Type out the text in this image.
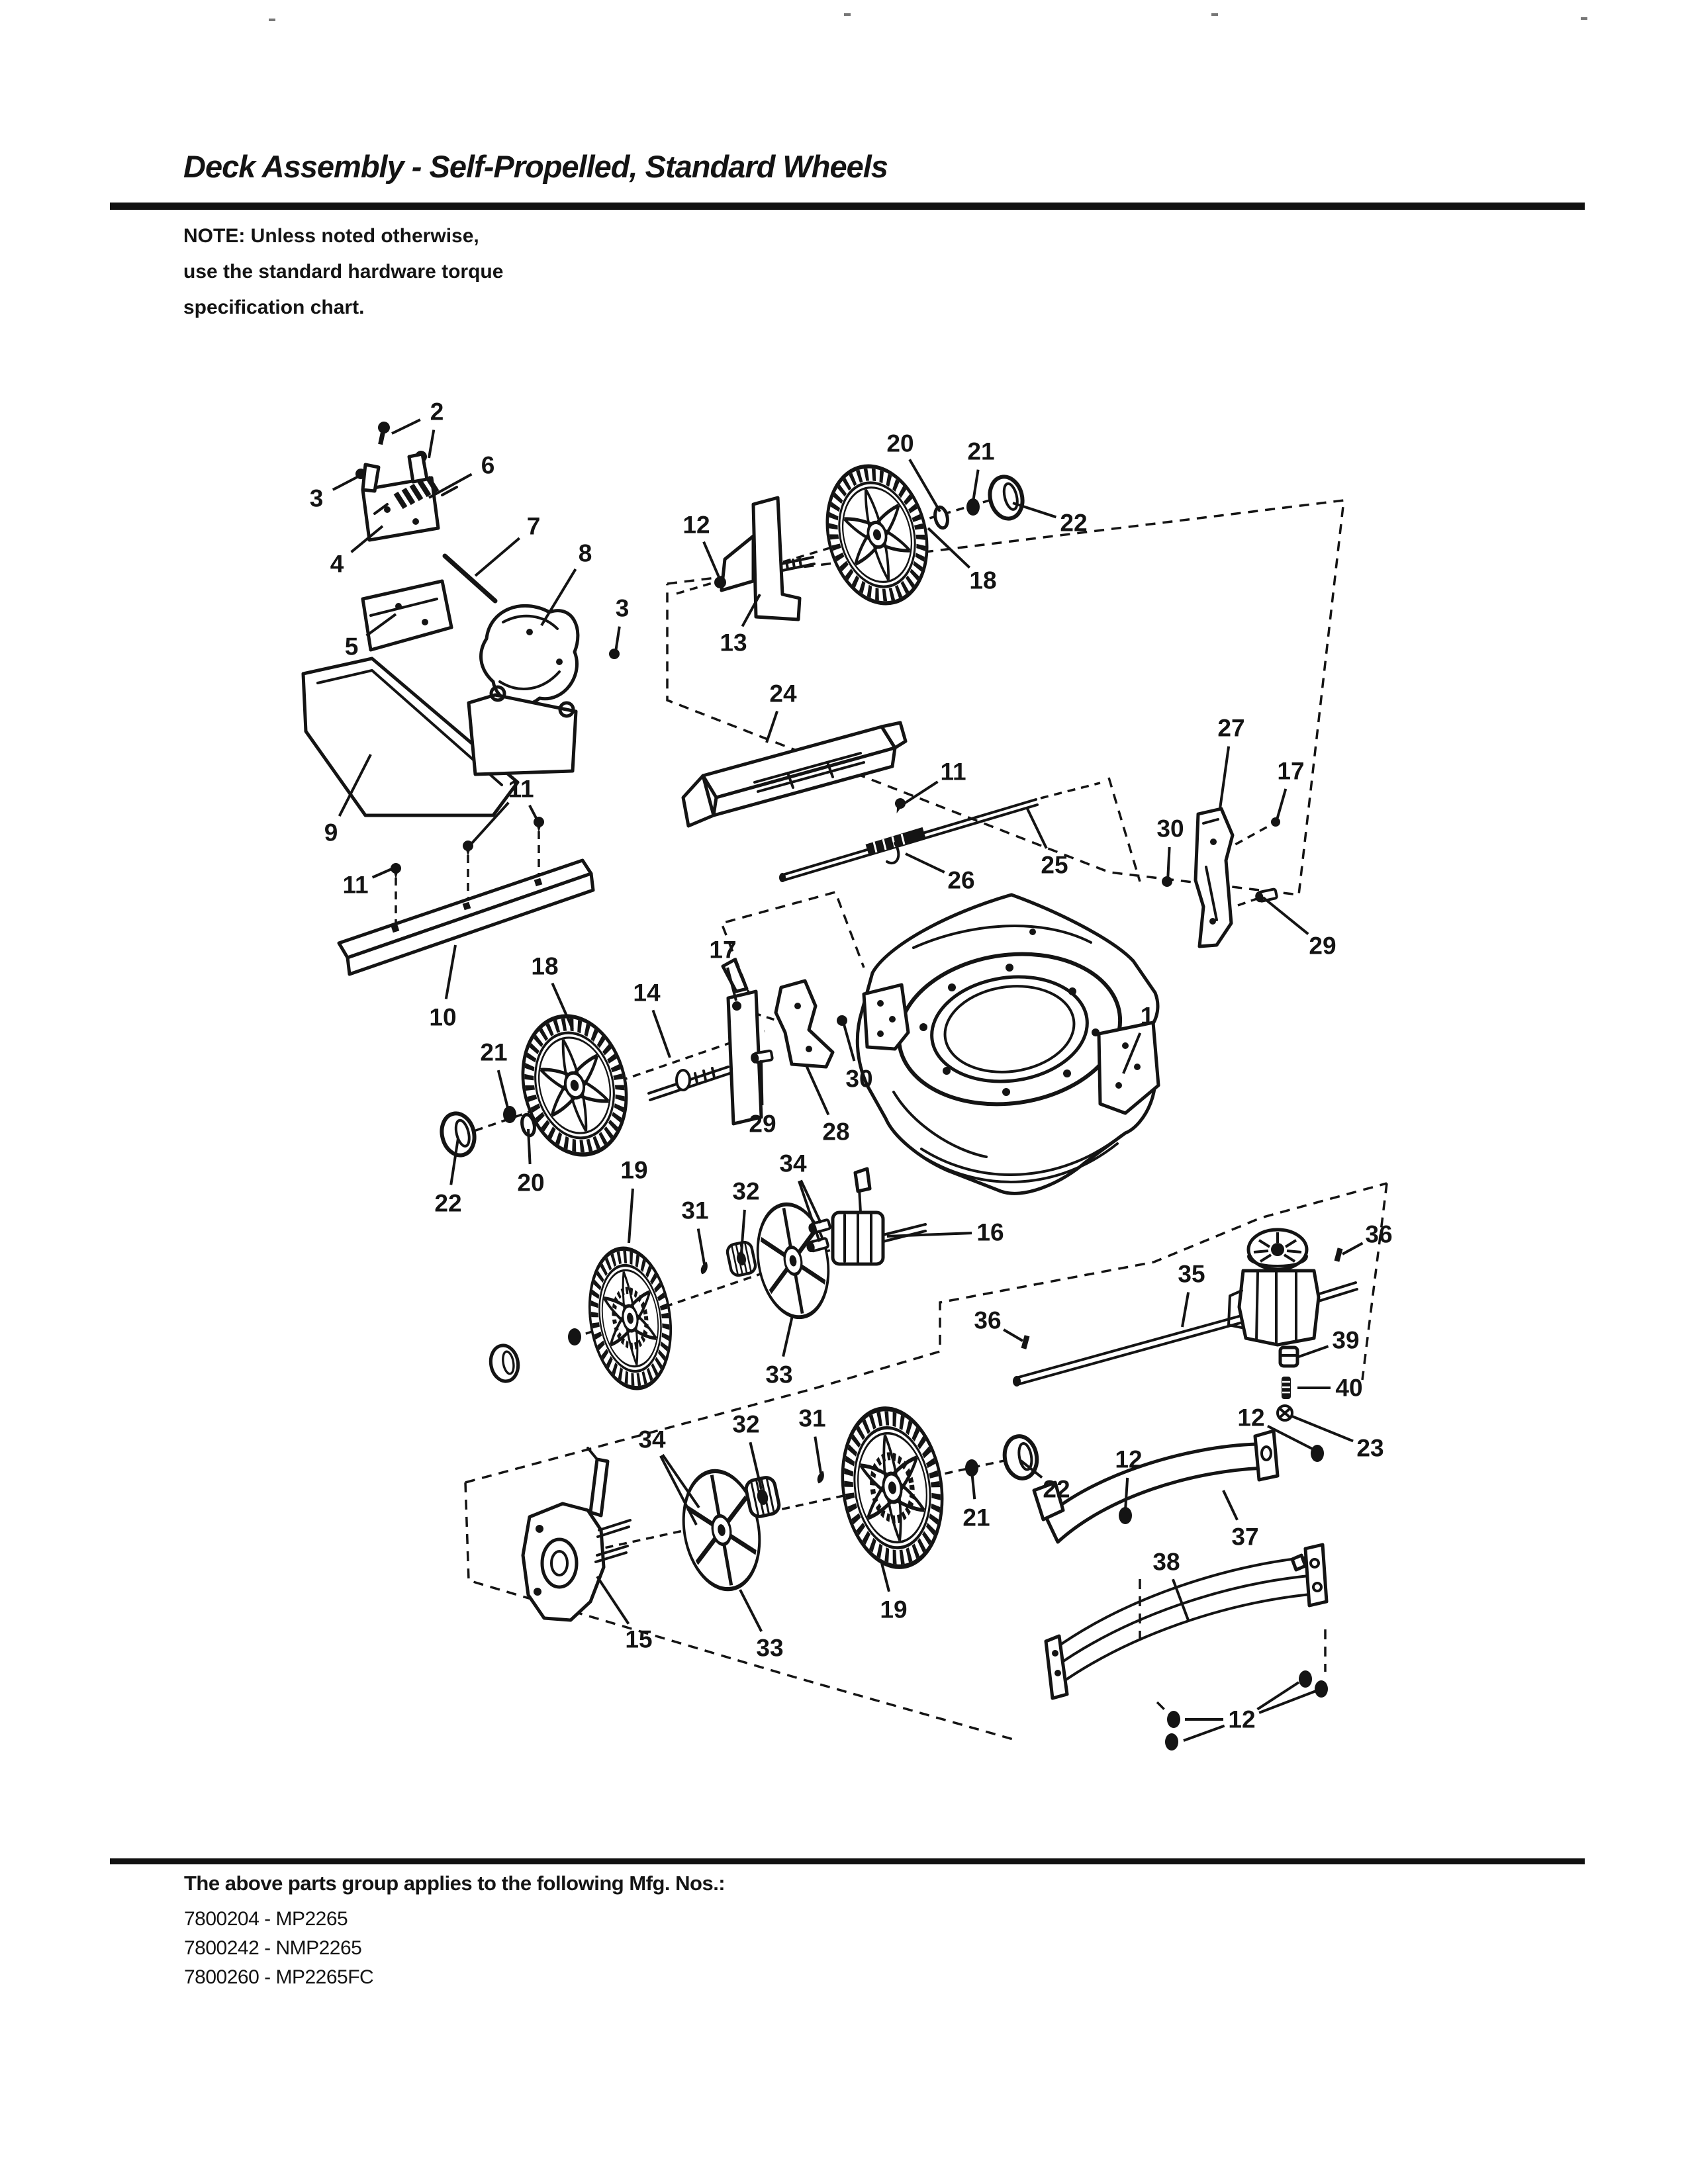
Deck Assembly - Self-Propelled, Standard Wheels
NOTE: Unless noted otherwise,
use the standard hardware torque
specification chart.
2
3
6
4
7
8
5
3
12
13
20 21
22
18
24
11
25
26
27
17
30
29
9
11
11
10
18
14
17
21
20
22
1
29
30
28
19
31
32
34
33
16
36
35
36
39
40
23
12
12
22
21
37
38
15	33
19
34
32 31
12
The above parts group applies to the following Mfg. Nos.:
7800204 - MP2265
7800242 - NMP2265
7800260 - MP2265FC
